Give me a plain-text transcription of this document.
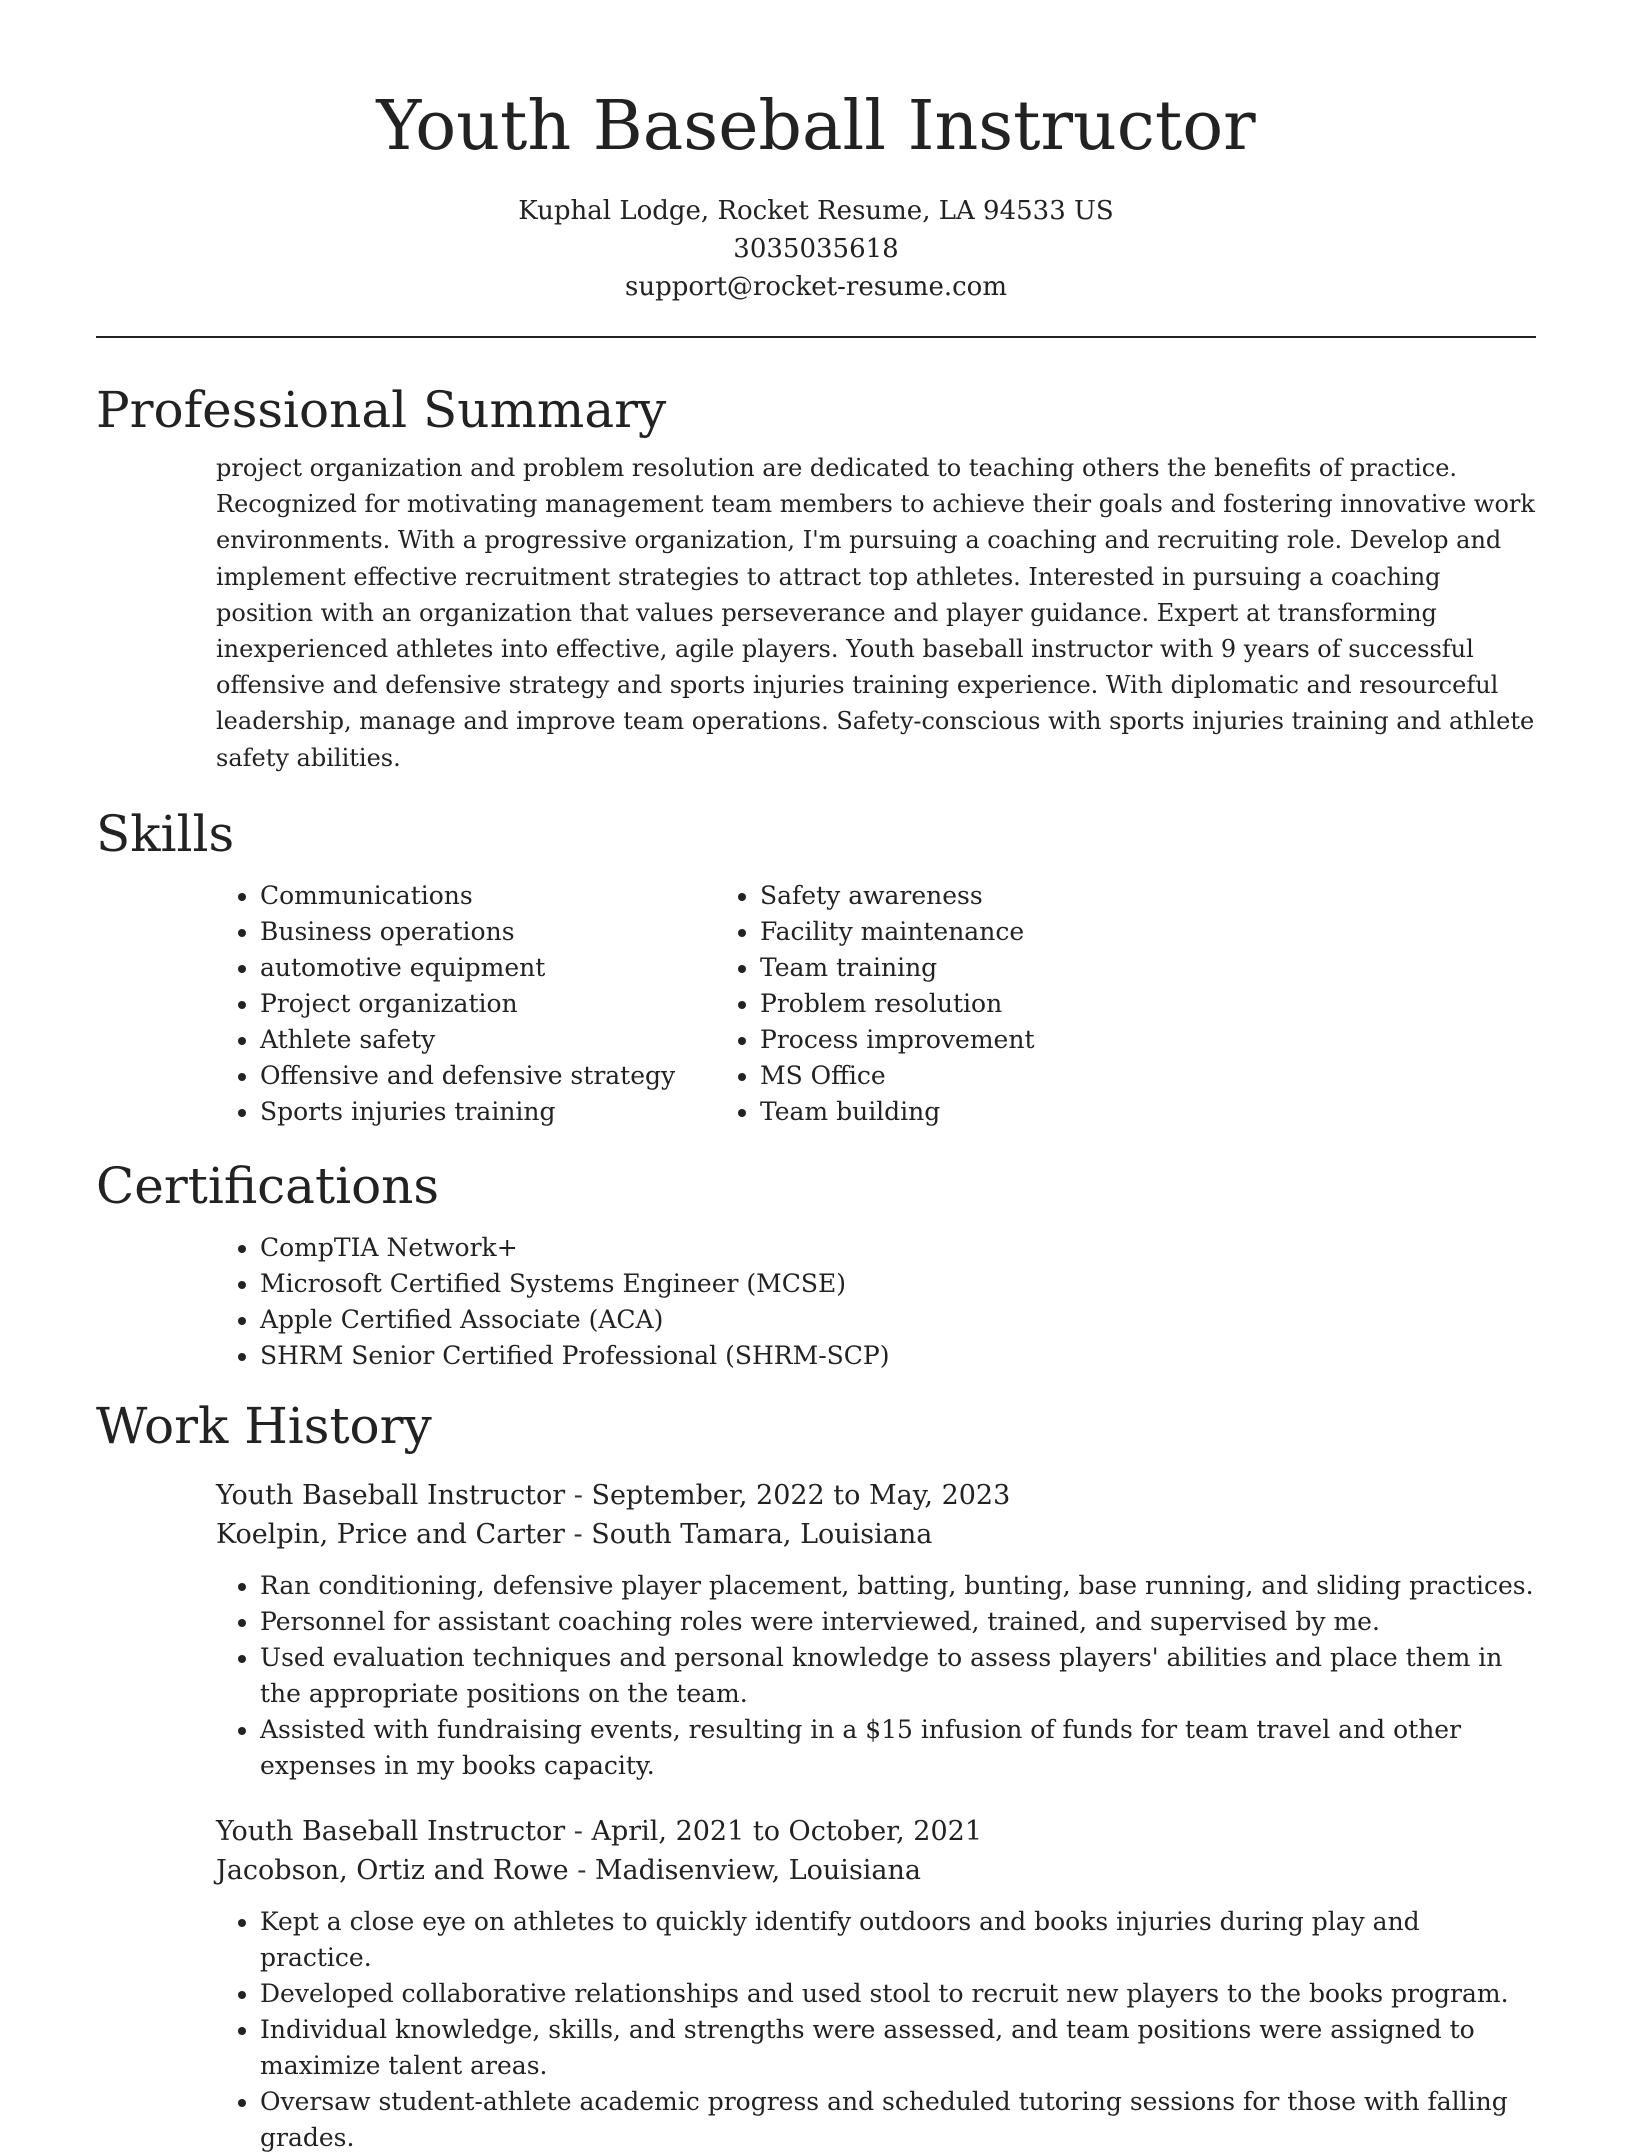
Youth Baseball Instructor

Kuphal Lodge, Rocket Resume, LA 94533 US

3035035618

support@rocket-resume.com

Professional Summary

project organization and problem resolution are dedicated to teaching others the benefits of practice. Recognized for motivating management team members to achieve their goals and fostering innovative work environments. With a progressive organization, I'm pursuing a coaching and recruiting role. Develop and implement effective recruitment strategies to attract top athletes. Interested in pursuing a coaching position with an organization that values perseverance and player guidance. Expert at transforming inexperienced athletes into effective, agile players. Youth baseball instructor with 9 years of successful offensive and defensive strategy and sports injuries training experience. With diplomatic and resourceful leadership, manage and improve team operations. Safety-conscious with sports injuries training and athlete safety abilities.

Skills
• Communications
• Business operations
• automotive equipment
• Project organization
• Athlete safety
• Offensive and defensive strategy
• Sports injuries training
• Safety awareness
• Facility maintenance
• Team training
• Problem resolution
• Process improvement
• MS Office
• Team building
Certifications
• CompTIA Network+
• Microsoft Certified Systems Engineer (MCSE)
• Apple Certified Associate (ACA)
• SHRM Senior Certified Professional (SHRM-SCP)
Work History

Youth Baseball Instructor - September, 2022 to May, 2023

Koelpin, Price and Carter - South Tamara, Louisiana

• Ran conditioning, defensive player placement, batting, bunting, base running, and sliding practices.
• Personnel for assistant coaching roles were interviewed, trained, and supervised by me.
• Used evaluation techniques and personal knowledge to assess players' abilities and place them in the appropriate positions on the team.
• Assisted with fundraising events, resulting in a $15 infusion of funds for team travel and other expenses in my books capacity.

Youth Baseball Instructor - April, 2021 to October, 2021

Jacobson, Ortiz and Rowe - Madisenview, Louisiana

• Kept a close eye on athletes to quickly identify outdoors and books injuries during play and practice.
• Developed collaborative relationships and used stool to recruit new players to the books program.
• Individual knowledge, skills, and strengths were assessed, and team positions were assigned to maximize talent areas.
• Oversaw student-athlete academic progress and scheduled tutoring sessions for those with falling grades.
